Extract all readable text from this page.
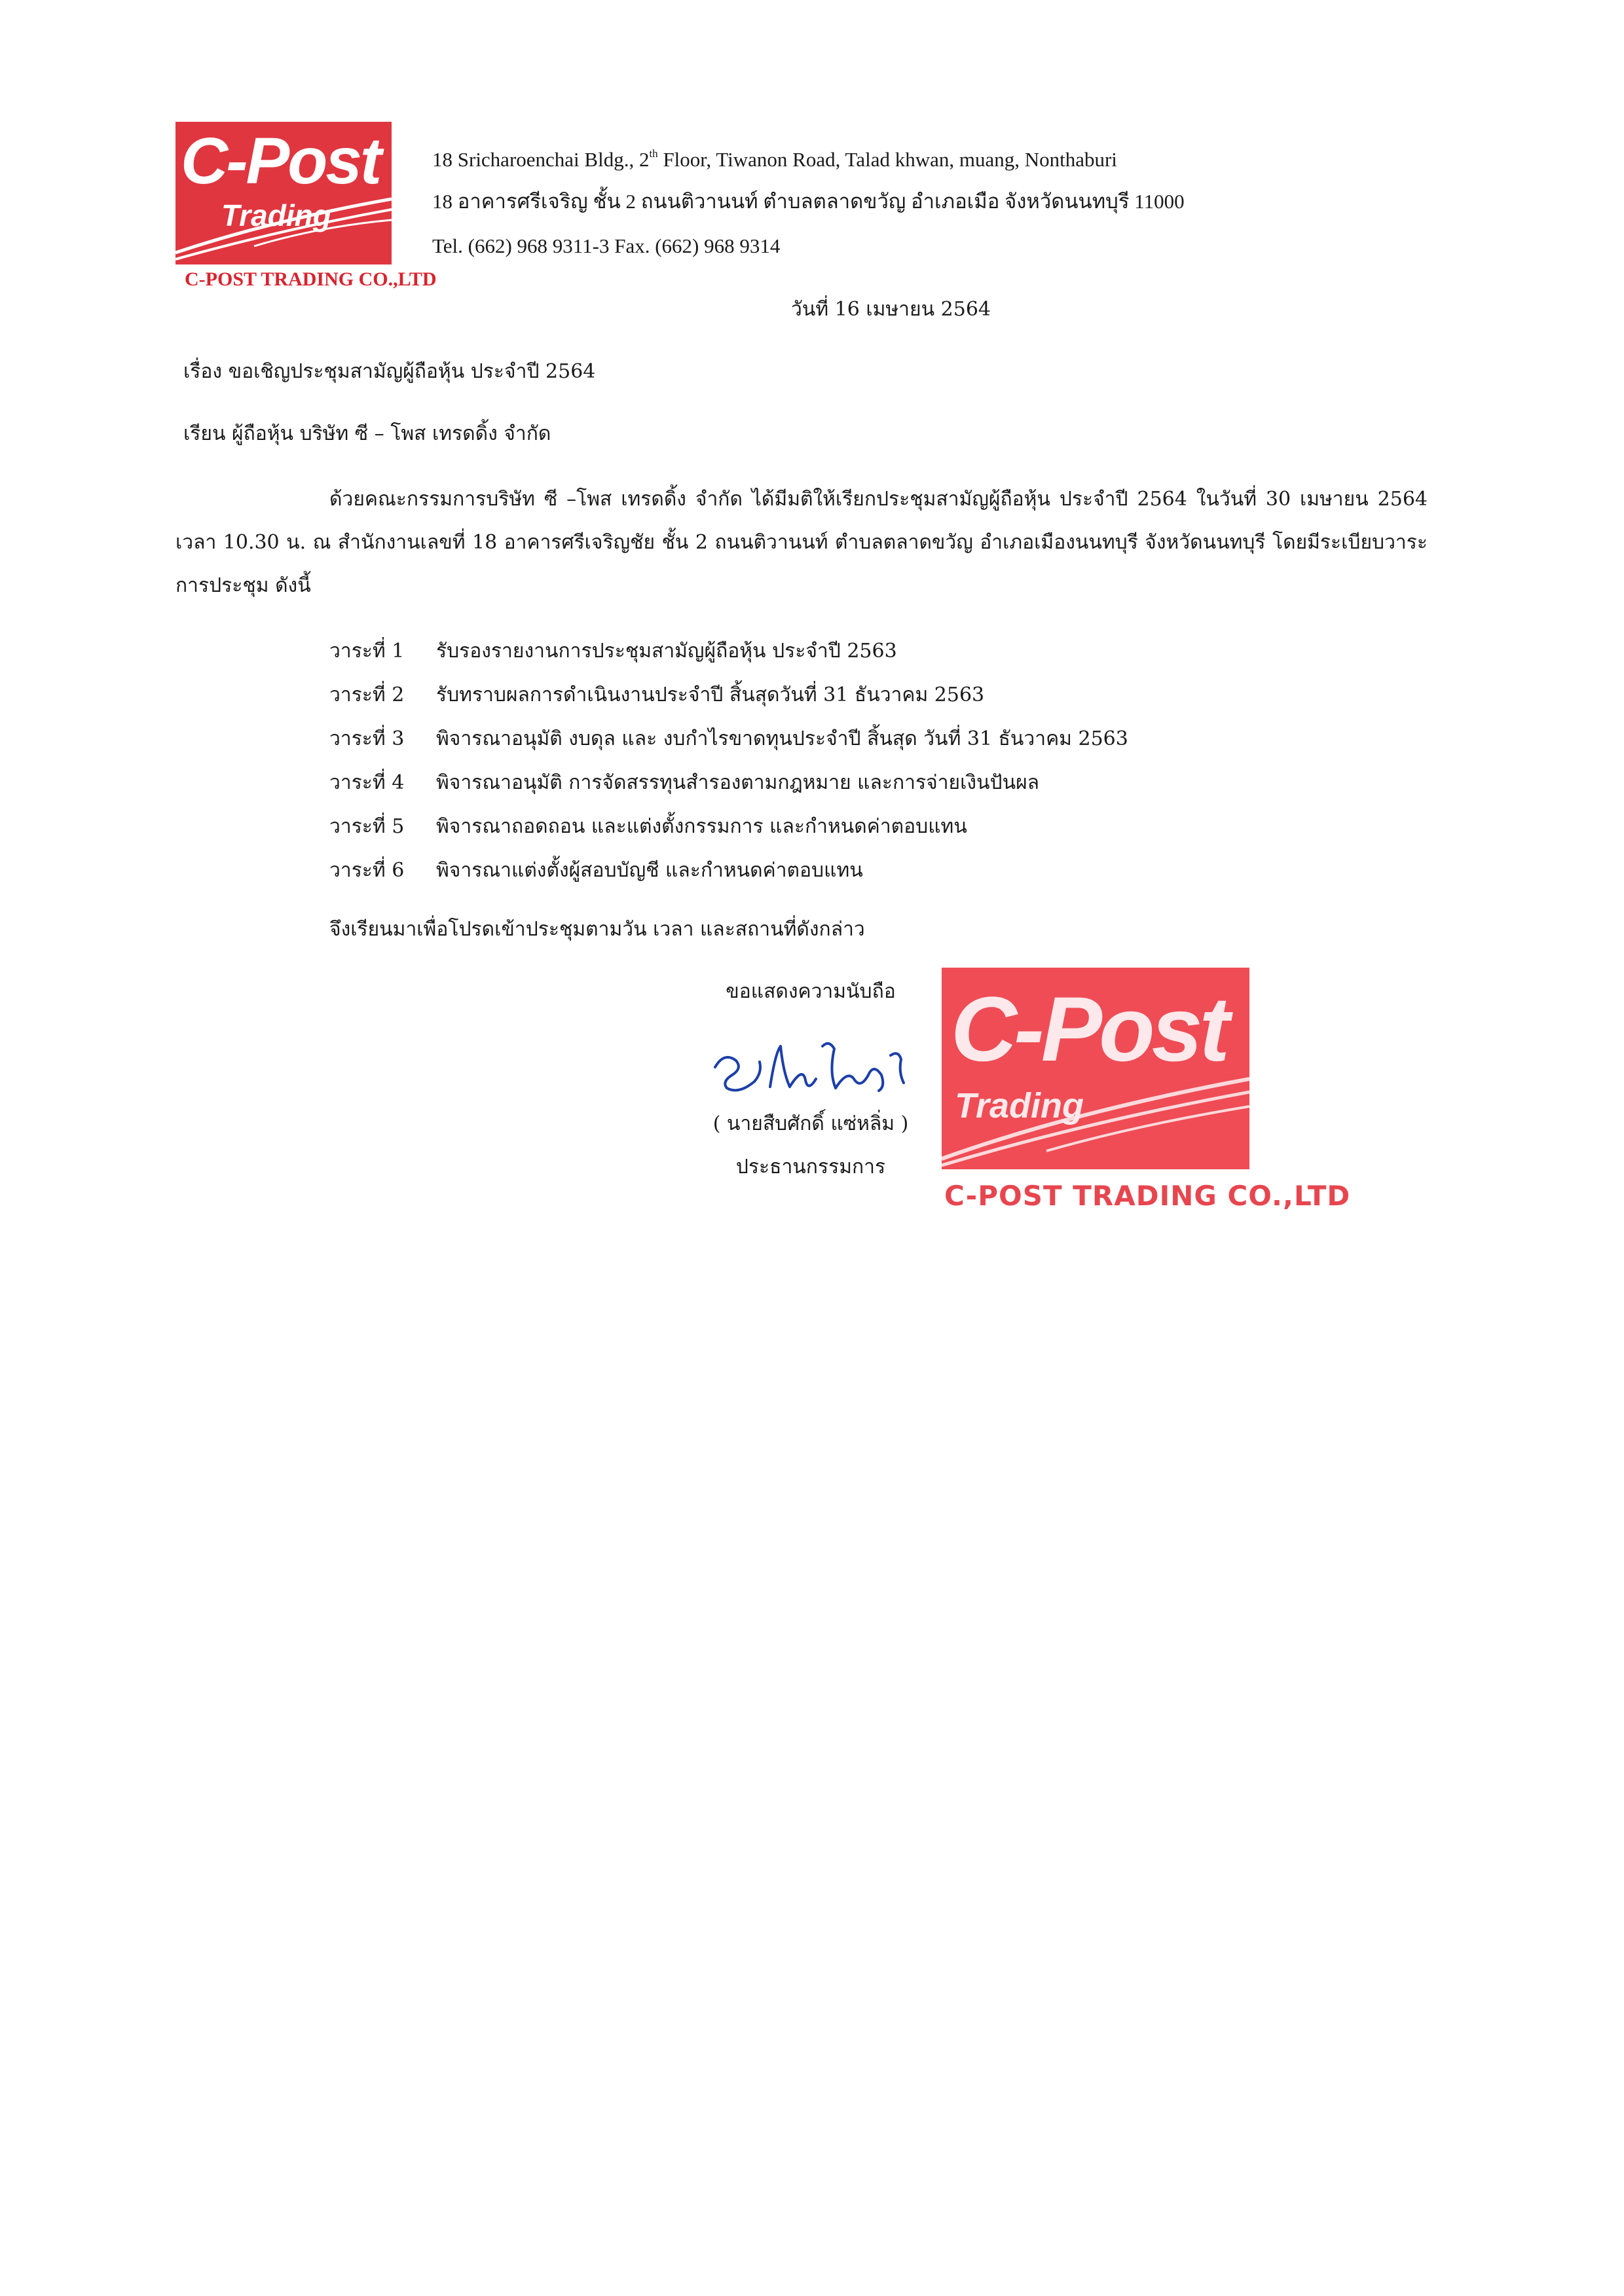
C-Post
Trading
C-POST TRADING CO.,LTD
18 Sricharoenchai Bldg., 2th Floor, Tiwanon Road, Talad khwan, muang, Nonthaburi
18 อาคารศรีเจริญ ชั้น 2 ถนนติวานนท์ ตำบลตลาดขวัญ อำเภอเมือ จังหวัดนนทบุรี 11000
Tel. (662) 968 9311-3 Fax. (662) 968 9314
วันที่ 16 เมษายน 2564
เรื่อง ขอเชิญประชุมสามัญผู้ถือหุ้น ประจำปี 2564
เรียน ผู้ถือหุ้น บริษัท ซี – โพส เทรดดิ้ง จำกัด
ด้วยคณะกรรมการบริษัท ซี –โพส เทรดดิ้ง จำกัด ได้มีมติให้เรียกประชุมสามัญผู้ถือหุ้น ประจำปี 2564 ในวันที่ 30 เมษายน 2564 เวลา 10.30 น. ณ สำนักงานเลขที่ 18 อาคารศรีเจริญชัย ชั้น 2 ถนนติวานนท์ ตำบลตลาดขวัญ อำเภอเมืองนนทบุรี จังหวัดนนทบุรี โดยมีระเบียบวาระการประชุม ดังนี้
วาระที่ 1 รับรองรายงานการประชุมสามัญผู้ถือหุ้น ประจำปี 2563
วาระที่ 2 รับทราบผลการดำเนินงานประจำปี สิ้นสุดวันที่ 31 ธันวาคม 2563
วาระที่ 3 พิจารณาอนุมัติ งบดุล และ งบกำไรขาดทุนประจำปี สิ้นสุด วันที่ 31 ธันวาคม 2563
วาระที่ 4 พิจารณาอนุมัติ การจัดสรรทุนสำรองตามกฎหมาย และการจ่ายเงินปันผล
วาระที่ 5 พิจารณาถอดถอน และแต่งตั้งกรรมการ และกำหนดค่าตอบแทน
วาระที่ 6 พิจารณาแต่งตั้งผู้สอบบัญชี และกำหนดค่าตอบแทน
จึงเรียนมาเพื่อโปรดเข้าประชุมตามวัน เวลา และสถานที่ดังกล่าว
ขอแสดงความนับถือ
( นายสืบศักดิ์ แซ่หลิ่ม )
ประธานกรรมการ
C-Post
Trading
C-POST TRADING CO.,LTD
